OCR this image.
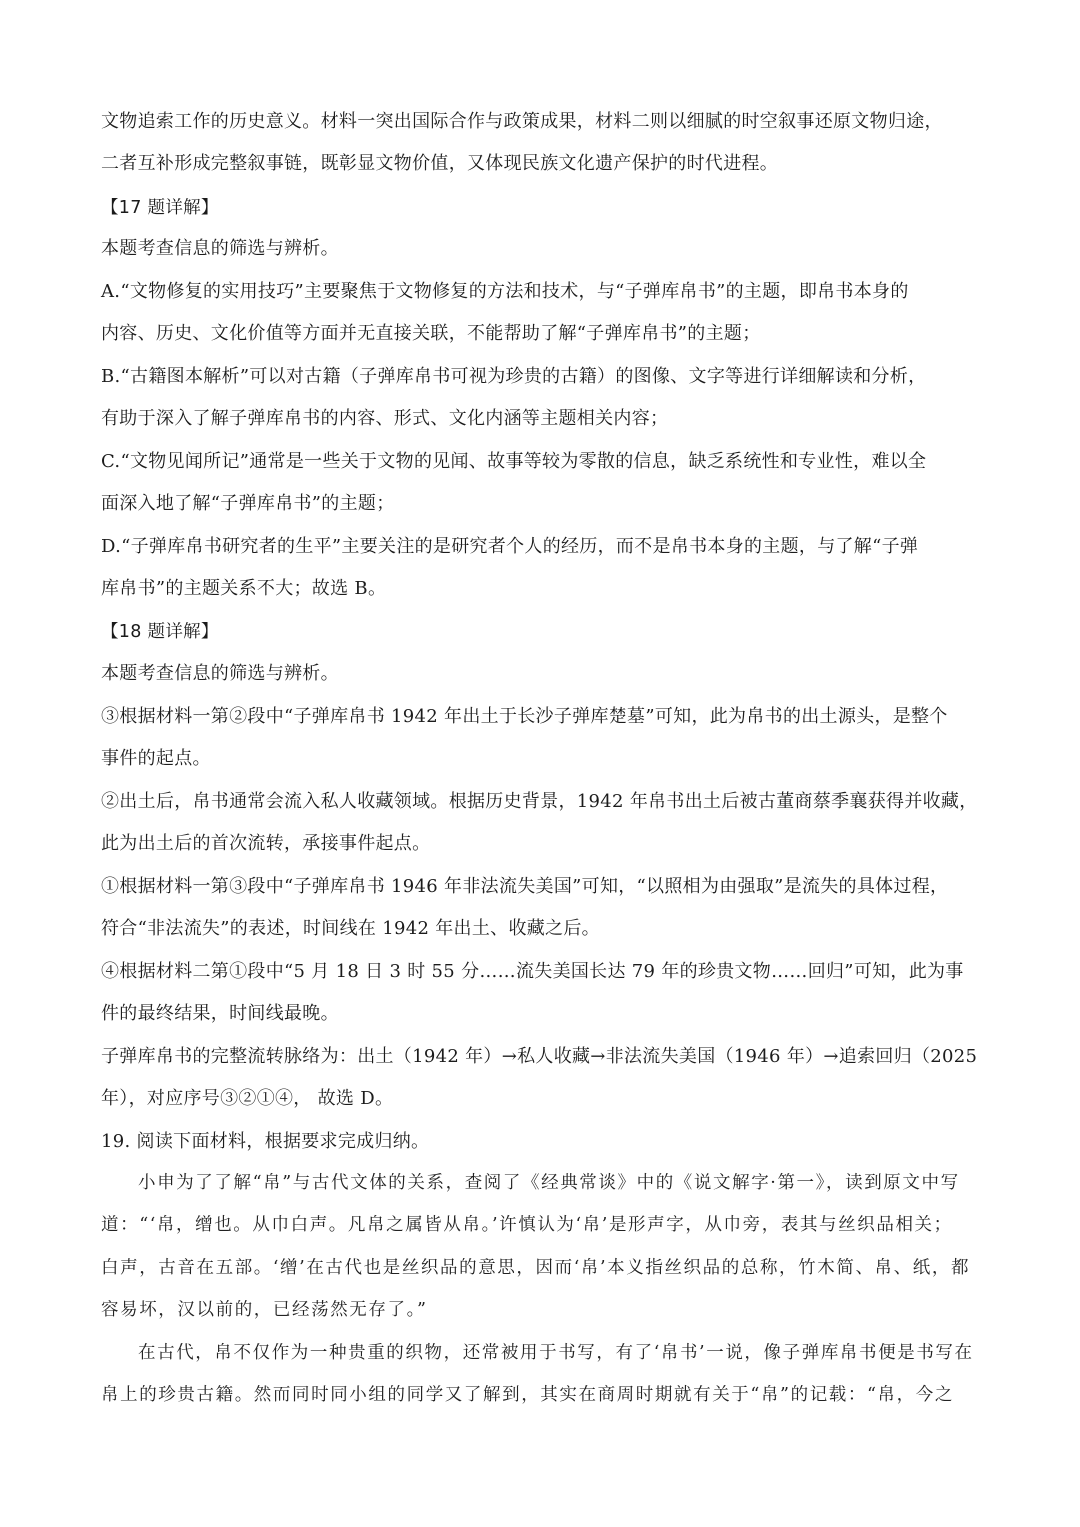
文物追索工作的历史意义。材料一突出国际合作与政策成果，材料二则以细腻的时空叙事还原文物归途，

二者互补形成完整叙事链，既彰显文物价值，又体现民族文化遗产保护的时代进程。

【17 题详解】

本题考查信息的筛选与辨析。

A.“文物修复的实用技巧”主要聚焦于文物修复的方法和技术，与“子弹库帛书”的主题，即帛书本身的

内容、历史、文化价值等方面并无直接关联，不能帮助了解“子弹库帛书”的主题；

B.“古籍图本解析”可以对古籍（子弹库帛书可视为珍贵的古籍）的图像、文字等进行详细解读和分析，

有助于深入了解子弹库帛书的内容、形式、文化内涵等主题相关内容；

C.“文物见闻所记”通常是一些关于文物的见闻、故事等较为零散的信息，缺乏系统性和专业性，难以全

面深入地了解“子弹库帛书”的主题；

D.“子弹库帛书研究者的生平”主要关注的是研究者个人的经历，而不是帛书本身的主题，与了解“子弹

库帛书”的主题关系不大；故选 B。

【18 题详解】

本题考查信息的筛选与辨析。

③根据材料一第②段中“子弹库帛书 1942 年出土于长沙子弹库楚墓”可知，此为帛书的出土源头，是整个

事件的起点。

②出土后，帛书通常会流入私人收藏领域。根据历史背景，1942 年帛书出土后被古董商蔡季襄获得并收藏，

此为出土后的首次流转，承接事件起点。

①根据材料一第③段中“子弹库帛书 1946 年非法流失美国”可知，“以照相为由强取”是流失的具体过程，

符合“非法流失”的表述，时间线在 1942 年出土、收藏之后。

④根据材料二第①段中“5 月 18 日 3 时 55 分……流失美国长达 79 年的珍贵文物……回归”可知，此为事

件的最终结果，时间线最晚。

子弹库帛书的完整流转脉络为：出土（1942 年）→私人收藏→非法流失美国（1946 年）→追索回归（2025

年），对应序号③②①④， 故选 D。

19. 阅读下面材料，根据要求完成归纳。

小申为了了解“帛”与古代文体的关系，查阅了《经典常谈》中的《说文解字·第一》，读到原文中写

道：“‘帛，缯也。从巾白声。凡帛之属皆从帛。’许慎认为‘帛’是形声字，从巾旁，表其与丝织品相关；

白声，古音在五部。‘缯’在古代也是丝织品的意思，因而‘帛’本义指丝织品的总称，竹木简、帛、纸，都

容易坏，汉以前的，已经荡然无存了。”

在古代，帛不仅作为一种贵重的织物，还常被用于书写，有了‘帛书’一说，像子弹库帛书便是书写在

帛上的珍贵古籍。然而同时同小组的同学又了解到，其实在商周时期就有关于“帛”的记载：“帛，今之
